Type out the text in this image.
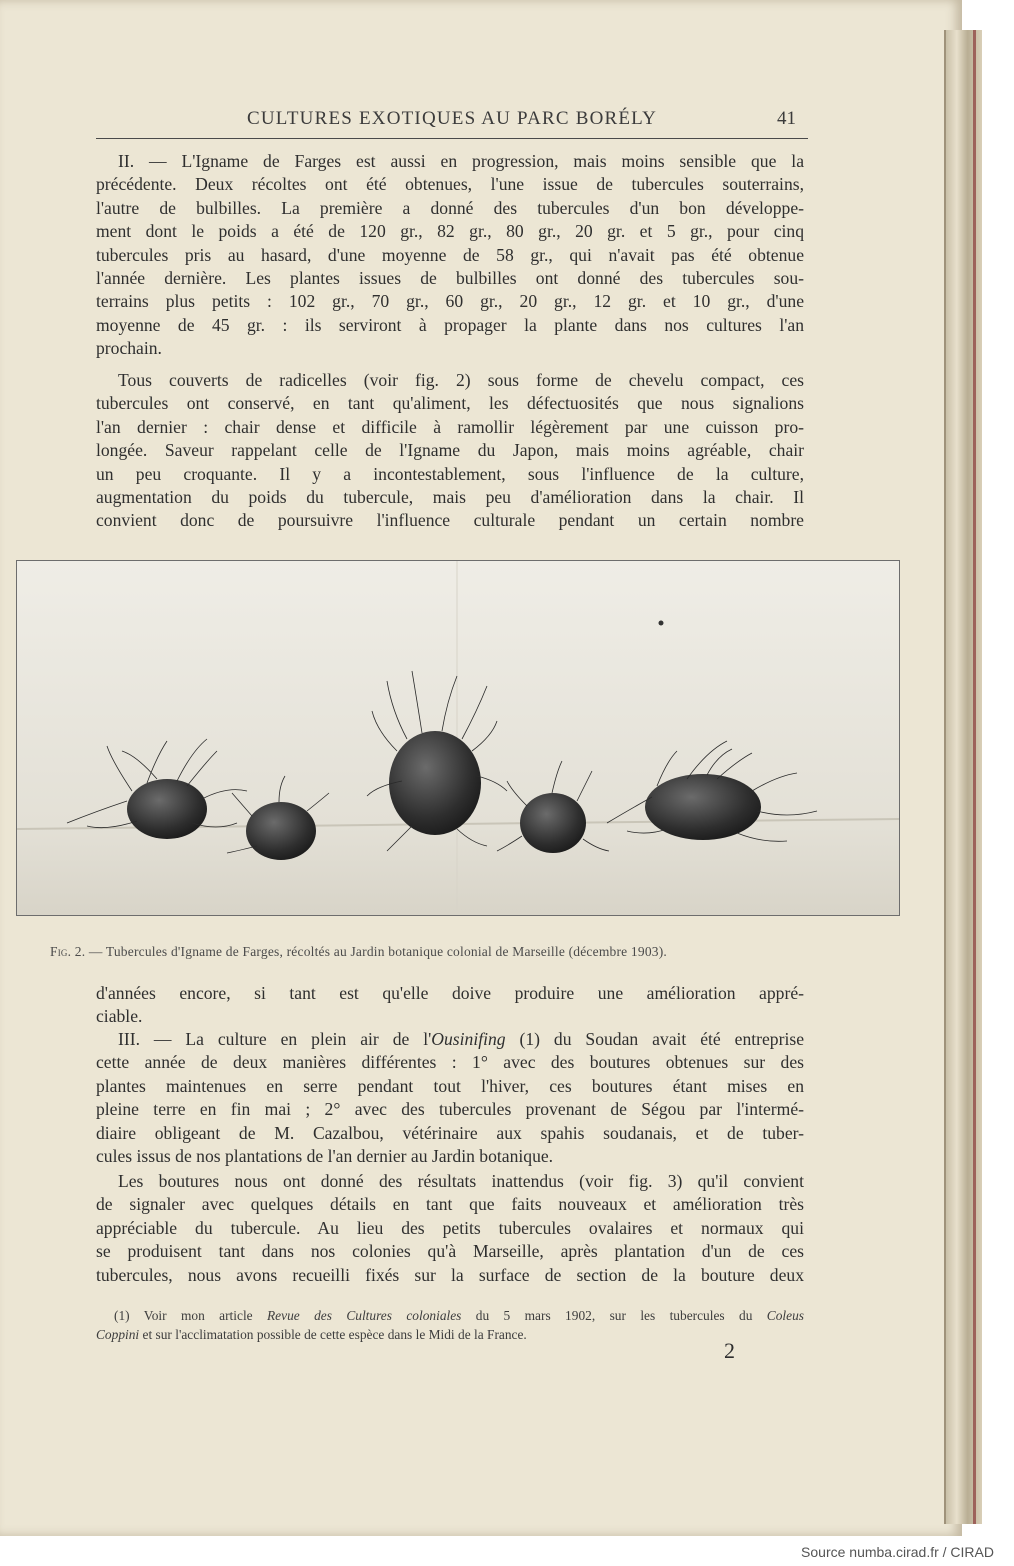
CULTURES EXOTIQUES AU PARC BORÉLY	41
II. — L'Igname de Farges est aussi en progression, mais moins sensible que la
précédente. Deux récoltes ont été obtenues, l'une issue de tubercules souterrains,
l'autre de bulbilles. La première a donné des tubercules d'un bon développe-
ment dont le poids a été de 120 gr., 82 gr., 80 gr., 20 gr. et 5 gr., pour cinq
tubercules pris au hasard, d'une moyenne de 58 gr., qui n'avait pas été obtenue
l'année dernière. Les plantes issues de bulbilles ont donné des tubercules sou-
terrains plus petits : 102 gr., 70 gr., 60 gr., 20 gr., 12 gr. et 10 gr., d'une
moyenne de 45 gr. : ils serviront à propager la plante dans nos cultures l'an
prochain.
Tous couverts de radicelles (voir fig. 2) sous forme de chevelu compact, ces
tubercules ont conservé, en tant qu'aliment, les défectuosités que nous signalions
l'an dernier : chair dense et difficile à ramollir légèrement par une cuisson pro-
longée. Saveur rappelant celle de l'Igname du Japon, mais moins agréable, chair
un peu croquante. Il y a incontestablement, sous l'influence de la culture,
augmentation du poids du tubercule, mais peu d'amélioration dans la chair. Il
convient donc de poursuivre l'influence culturale pendant un certain nombre
Fig. 2. — Tubercules d'Igname de Farges, récoltés au Jardin botanique colonial de Marseille (décembre 1903).
d'années encore, si tant est qu'elle doive produire une amélioration appré-
ciable.
III. — La culture en plein air de l'Ousinifing (1) du Soudan avait été entreprise
cette année de deux manières différentes : 1° avec des boutures obtenues sur des
plantes maintenues en serre pendant tout l'hiver, ces boutures étant mises en
pleine terre en fin mai ; 2° avec des tubercules provenant de Ségou par l'intermé-
diaire obligeant de M. Cazalbou, vétérinaire aux spahis soudanais, et de tuber-
cules issus de nos plantations de l'an dernier au Jardin botanique.
Les boutures nous ont donné des résultats inattendus (voir fig. 3) qu'il convient
de signaler avec quelques détails en tant que faits nouveaux et amélioration très
appréciable du tubercule. Au lieu des petits tubercules ovalaires et normaux qui
se produisent tant dans nos colonies qu'à Marseille, après plantation d'un de ces
tubercules, nous avons recueilli fixés sur la surface de section de la bouture deux
(1) Voir mon article Revue des Cultures coloniales du 5 mars 1902, sur les tubercules du Coleus
Coppini et sur l'acclimatation possible de cette espèce dans le Midi de la France.
2
Source numba.cirad.fr / CIRAD
